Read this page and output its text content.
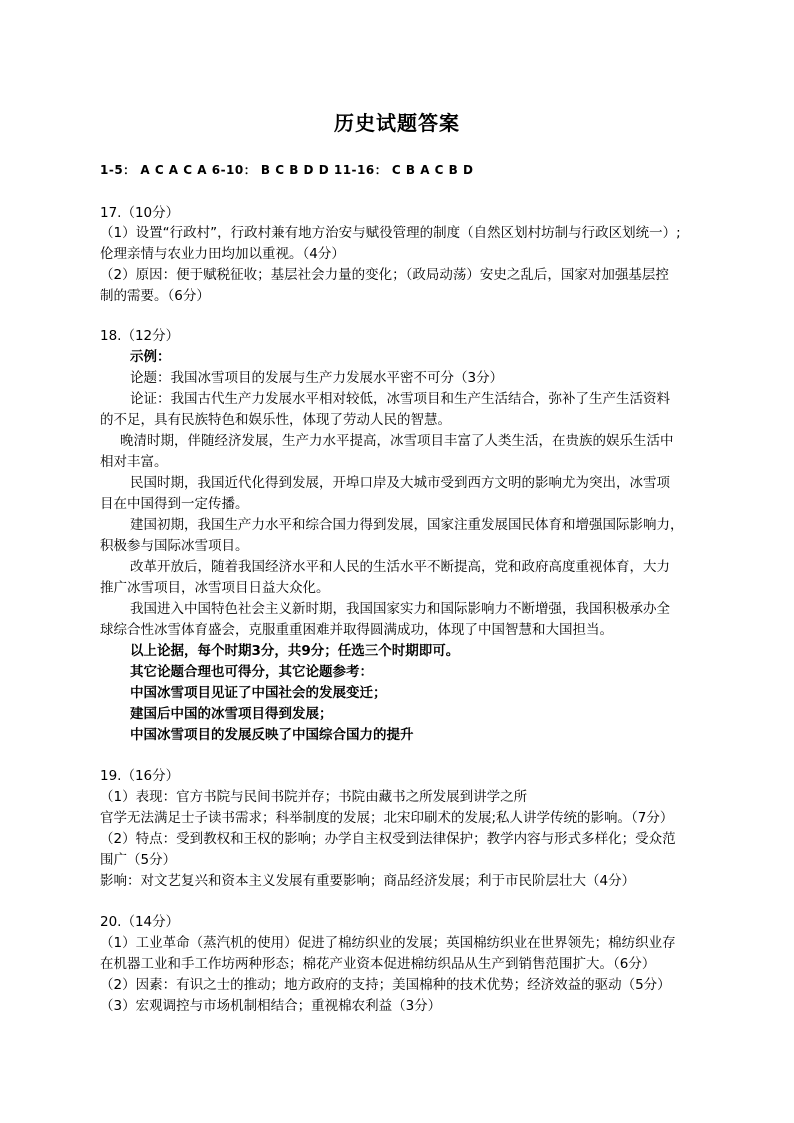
历史试题答案
1-5： A C A C A 6-10： B C B D D 11-16： C B A C B D
17.（10分）
（1）设置“行政村”，行政村兼有地方治安与赋役管理的制度（自然区划村坊制与行政区划统一）;
伦理亲情与农业力田均加以重视。（4分）
（2）原因：便于赋税征收；基层社会力量的变化；（政局动荡）安史之乱后，国家对加强基层控
制的需要。（6分）
18.（12分）
示例：
论题：我国冰雪项目的发展与生产力发展水平密不可分（3分）
论证：我国古代生产力发展水平相对较低，冰雪项目和生产生活结合，弥补了生产生活资料
的不足，具有民族特色和娱乐性，体现了劳动人民的智慧。
晚清时期，伴随经济发展，生产力水平提高，冰雪项目丰富了人类生活，在贵族的娱乐生活中
相对丰富。
民国时期，我国近代化得到发展，开埠口岸及大城市受到西方文明的影响尤为突出，冰雪项
目在中国得到一定传播。
建国初期，我国生产力水平和综合国力得到发展，国家注重发展国民体育和增强国际影响力，
积极参与国际冰雪项目。
改革开放后，随着我国经济水平和人民的生活水平不断提高，党和政府高度重视体育，大力
推广冰雪项目，冰雪项目日益大众化。
我国进入中国特色社会主义新时期，我国国家实力和国际影响力不断增强，我国积极承办全
球综合性冰雪体育盛会，克服重重困难并取得圆满成功，体现了中国智慧和大国担当。
以上论据，每个时期3分，共9分；任选三个时期即可。
其它论题合理也可得分，其它论题参考：
中国冰雪项目见证了中国社会的发展变迁；
建国后中国的冰雪项目得到发展；
中国冰雪项目的发展反映了中国综合国力的提升
19.（16分）
（1）表现：官方书院与民间书院并存；书院由藏书之所发展到讲学之所
官学无法满足士子读书需求；科举制度的发展；北宋印刷术的发展;私人讲学传统的影响。（7分）
（2）特点：受到教权和王权的影响；办学自主权受到法律保护；教学内容与形式多样化；受众范
围广（5分）
影响：对文艺复兴和资本主义发展有重要影响；商品经济发展；利于市民阶层壮大（4分）
20.（14分）
（1）工业革命（蒸汽机的使用）促进了棉纺织业的发展；英国棉纺织业在世界领先；棉纺织业存
在机器工业和手工作坊两种形态；棉花产业资本促进棉纺织品从生产到销售范围扩大。（6分）
（2）因素：有识之士的推动；地方政府的支持；美国棉种的技术优势；经济效益的驱动（5分）
（3）宏观调控与市场机制相结合；重视棉农利益（3分）
